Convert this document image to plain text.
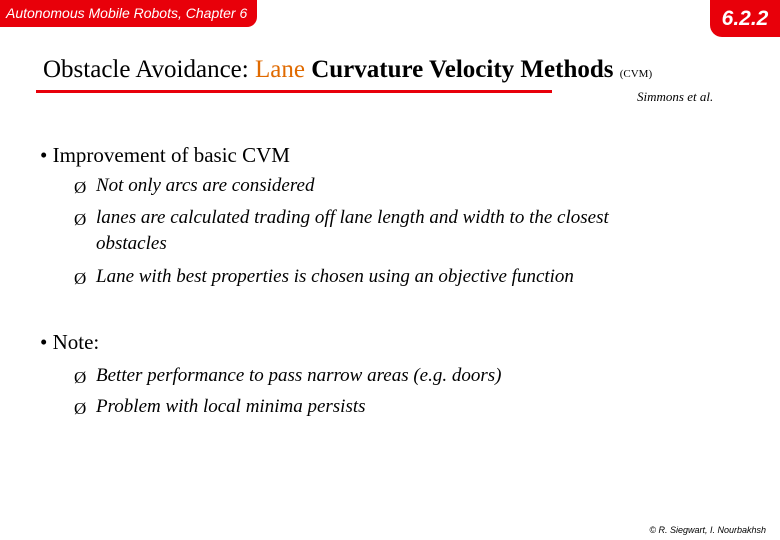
Autonomous Mobile Robots, Chapter 6	6.2.2
Obstacle Avoidance: Lane Curvature Velocity Methods (CVM)
Simmons et al.
• Improvement of basic CVM
Ø Not only arcs are considered
Ø lanes are calculated trading off lane length and width to the closest
obstacles
Ø Lane with best properties is chosen using an objective function
• Note:
Ø Better performance to pass narrow areas (e.g. doors)
Ø Problem with local minima persists
© R. Siegwart, I. Nourbakhsh
